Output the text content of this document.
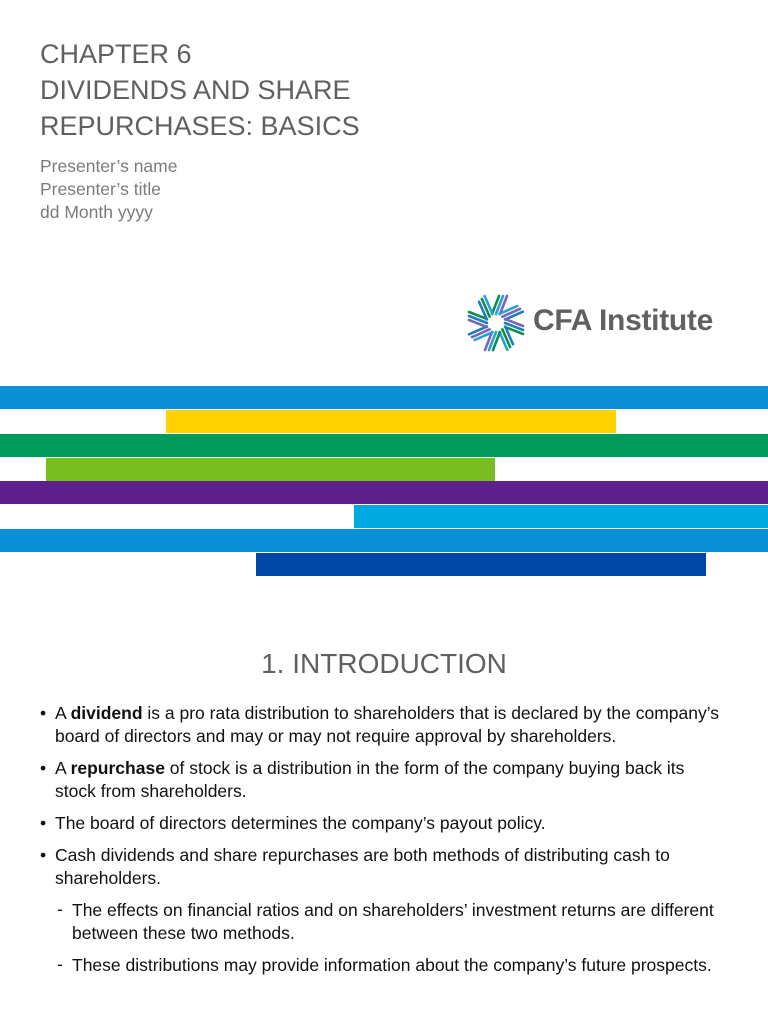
CHAPTER 6
DIVIDENDS AND SHARE
REPURCHASES: BASICS
Presenter’s name
Presenter’s title
dd Month yyyy
CFA Institute
1. INTRODUCTION
• A dividend is a pro rata distribution to shareholders that is declared by the company’s board of directors and may or may not require approval by shareholders.
• A repurchase of stock is a distribution in the form of the company buying back its stock from shareholders.
• The board of directors determines the company’s payout policy.
• Cash dividends and share repurchases are both methods of distributing cash to shareholders.
- The effects on financial ratios and on shareholders’ investment returns are different between these two methods.
- These distributions may provide information about the company’s future prospects.
